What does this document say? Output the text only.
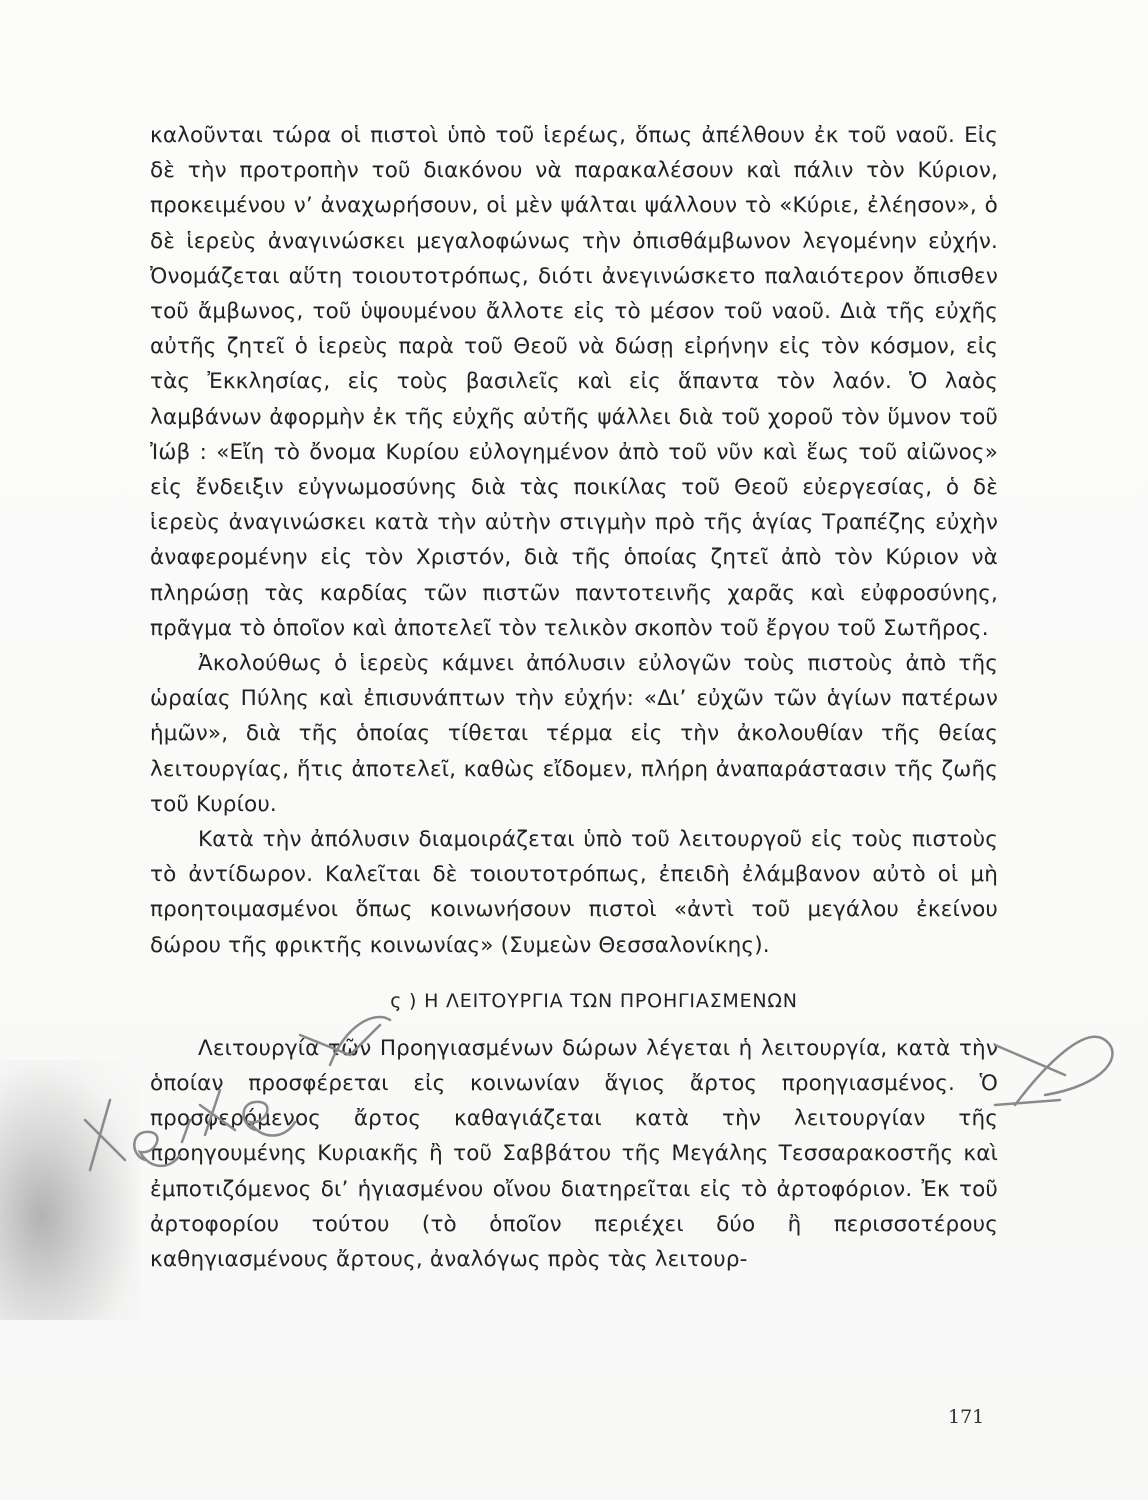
καλοῦνται τώρα οἱ πιστοὶ ὑπὸ τοῦ ἱερέως, ὅπως ἀπέλθουν ἐκ τοῦ ναοῦ. Εἰς δὲ τὴν προτροπὴν τοῦ διακόνου νὰ παρακαλέσουν καὶ πάλιν τὸν Κύριον, προκειμένου ν’ ἀναχωρήσουν, οἱ μὲν ψάλται ψάλλουν τὸ «Κύριε, ἐλέησον», ὁ δὲ ἱερεὺς ἀναγινώσκει μεγαλοφώνως τὴν ὀπισθάμβωνον λεγομένην εὐχήν. Ὀνομάζεται αὕτη τοιουτοτρόπως, διότι ἀνεγινώσκετο παλαιότερον ὄπισθεν τοῦ ἄμβωνος, τοῦ ὑψουμένου ἄλλοτε εἰς τὸ μέσον τοῦ ναοῦ. Διὰ τῆς εὐχῆς αὐτῆς ζητεῖ ὁ ἱερεὺς παρὰ τοῦ Θεοῦ νὰ δώσῃ εἰρήνην εἰς τὸν κόσμον, εἰς τὰς Ἐκκλησίας, εἰς τοὺς βασιλεῖς καὶ εἰς ἅπαντα τὸν λαόν. Ὁ λαὸς λαμβάνων ἀφορμὴν ἐκ τῆς εὐχῆς αὐτῆς ψάλλει διὰ τοῦ χοροῦ τὸν ὕμνον τοῦ Ἰώβ : «Εἴη τὸ ὄνομα Κυρίου εὐλογημένον ἀπὸ τοῦ νῦν καὶ ἕως τοῦ αἰῶνος» εἰς ἔνδειξιν εὐγνωμοσύνης διὰ τὰς ποικίλας τοῦ Θεοῦ εὐεργεσίας, ὁ δὲ ἱερεὺς ἀναγινώσκει κατὰ τὴν αὐτὴν στιγμὴν πρὸ τῆς ἁγίας Τραπέζης εὐχὴν ἀναφερομένην εἰς τὸν Χριστόν, διὰ τῆς ὁποίας ζητεῖ ἀπὸ τὸν Κύριον νὰ πληρώσῃ τὰς καρδίας τῶν πιστῶν παντοτεινῆς χαρᾶς καὶ εὐφροσύνης, πρᾶγμα τὸ ὁποῖον καὶ ἀποτελεῖ τὸν τελικὸν σκοπὸν τοῦ ἔργου τοῦ Σωτῆρος.

Ἀκολούθως ὁ ἱερεὺς κάμνει ἀπόλυσιν εὐλογῶν τοὺς πιστοὺς ἀπὸ τῆς ὡραίας Πύλης καὶ ἐπισυνάπτων τὴν εὐχήν: «Δι’ εὐχῶν τῶν ἁγίων πατέρων ἡμῶν», διὰ τῆς ὁποίας τίθεται τέρμα εἰς τὴν ἀκολουθίαν τῆς θείας λειτουργίας, ἥτις ἀποτελεῖ, καθὼς εἴδομεν, πλήρη ἀναπαράστασιν τῆς ζωῆς τοῦ Κυρίου.

Κατὰ τὴν ἀπόλυσιν διαμοιράζεται ὑπὸ τοῦ λειτουργοῦ εἰς τοὺς πιστοὺς τὸ ἀντίδωρον. Καλεῖται δὲ τοιουτοτρόπως, ἐπειδὴ ἐλάμβανον αὐτὸ οἱ μὴ προητοιμασμένοι ὅπως κοινωνήσουν πιστοὶ «ἀντὶ τοῦ μεγάλου ἐκείνου δώρου τῆς φρικτῆς κοινωνίας» (Συμεὼν Θεσσαλονίκης).

ς ) Η ΛΕΙΤΟΥΡΓΙΑ ΤΩΝ ΠΡΟΗΓΙΑΣΜΕΝΩΝ

Λειτουργία τῶν Προηγιασμένων δώρων λέγεται ἡ λειτουργία, κατὰ τὴν ὁποίαν προσφέρεται εἰς κοινωνίαν ἅγιος ἄρτος προηγιασμένος. Ὁ προσφερόμενος ἄρτος καθαγιάζεται κατὰ τὴν λειτουργίαν τῆς προηγουμένης Κυριακῆς ἢ τοῦ Σαββάτου τῆς Μεγάλης Τεσσαρακοστῆς καὶ ἐμποτιζόμενος δι’ ἡγιασμένου οἴνου διατηρεῖται εἰς τὸ ἀρτοφόριον. Ἐκ τοῦ ἀρτοφορίου τούτου (τὸ ὁποῖον περιέχει δύο ἢ περισσοτέρους καθηγιασμένους ἄρτους, ἀναλόγως πρὸς τὰς λειτουρ-

171
